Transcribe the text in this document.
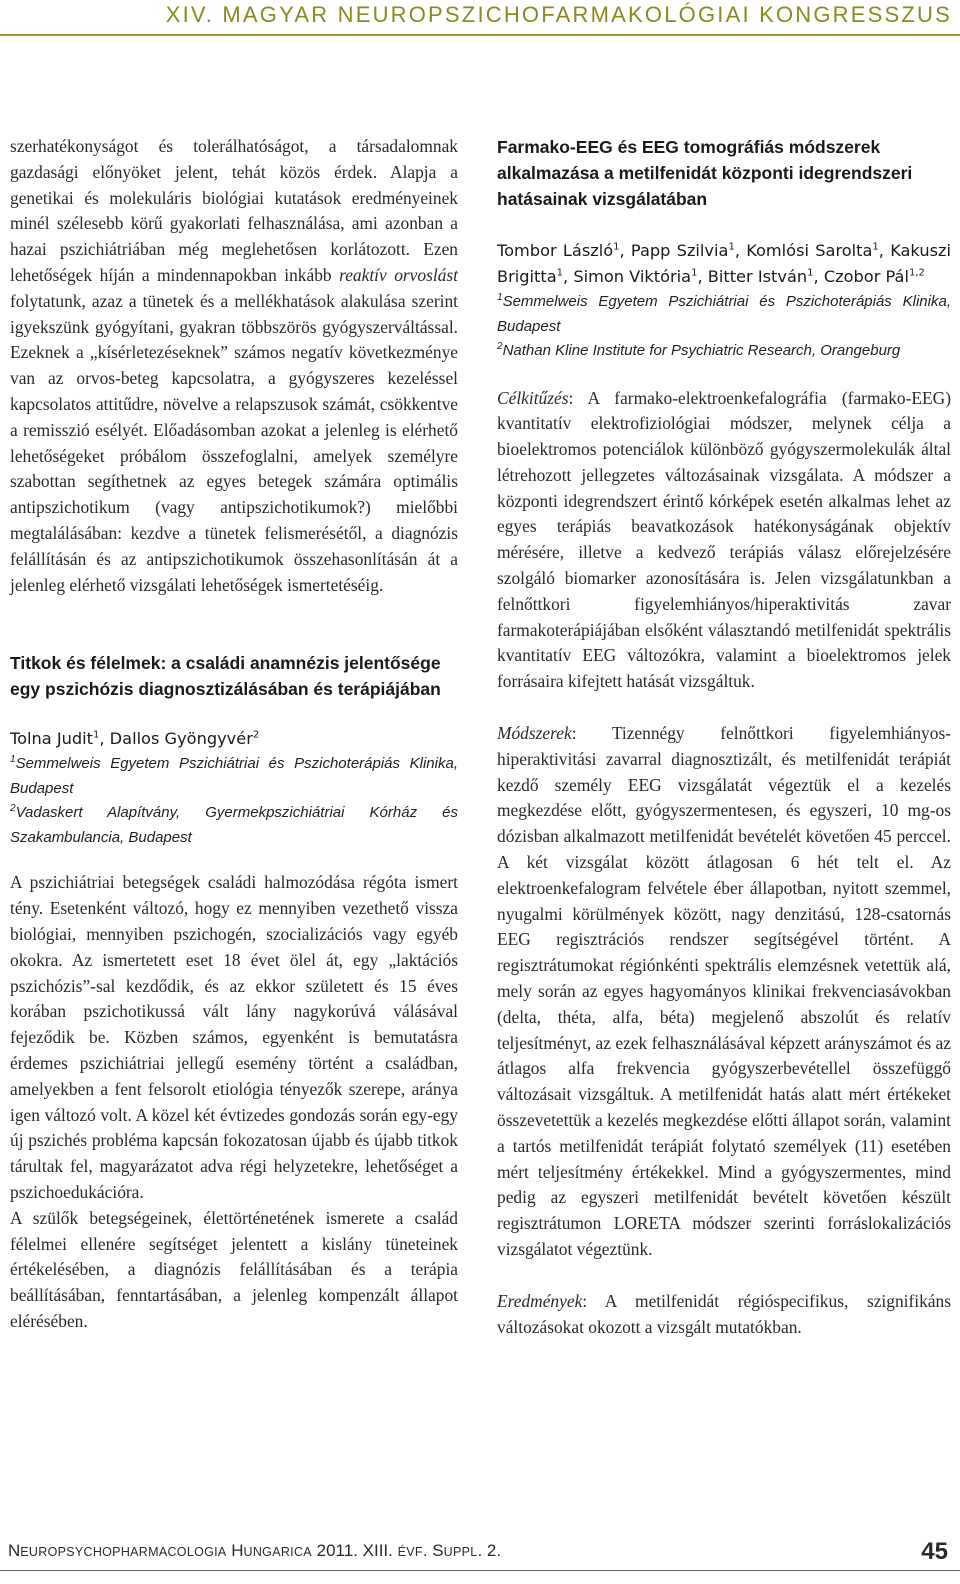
XIV. MAGYAR NEUROPSZICHOFARMAKOLÓGIAI KONGRESSZUS

szerhatékonyságot és tolerálhatóságot, a társadalomnak gazdasági előnyöket jelent, tehát közös érdek. Alapja a genetikai és molekuláris biológiai kutatások eredményeinek minél szélesebb körű gyakorlati felhasználása, ami azonban a hazai pszichiátriában még meglehetősen korlátozott. Ezen lehetőségek híján a mindennapokban inkább reaktív orvoslást folytatunk, azaz a tünetek és a mellékhatások alakulása szerint igyekszünk gyógyítani, gyakran többszörös gyógyszerváltással. Ezeknek a „kísérletezéseknek” számos negatív következménye van az orvos-beteg kapcsolatra, a gyógyszeres kezeléssel kapcsolatos attitűdre, növelve a relapszusok számát, csökkentve a remisszió esélyét. Előadásomban azokat a jelenleg is elérhető lehetőségeket próbálom összefoglalni, amelyek személyre szabottan segíthetnek az egyes betegek számára optimális antipszichotikum (vagy antipszichotikumok?) mielőbbi megtalálásában: kezdve a tünetek felismerésétől, a diagnózis felállításán és az antipszichotikumok összehasonlításán át a jelenleg elérhető vizsgálati lehetőségek ismertetéséig.

Titkok és félelmek: a családi anamnézis jelentősége egy pszichózis diagnosztizálásában és terápiájában

Tolna Judit$^1$, Dallos Gyöngyvér$^2$

$^1$Semmelweis Egyetem Pszichiátriai és Pszichoterápiás Klinika, Budapest

$^2$Vadaskert Alapítvány, Gyermekpszichiátriai Kórház és Szakambulancia, Budapest

A pszichiátriai betegségek családi halmozódása régóta ismert tény. Esetenként változó, hogy ez mennyiben vezethető vissza biológiai, mennyiben pszichogén, szocializációs vagy egyéb okokra. Az ismertetett eset 18 évet ölel át, egy „laktációs pszichózis”-sal kezdődik, és az ekkor született és 15 éves korában pszichotikussá vált lány nagykorúvá válásával fejeződik be. Közben számos, egyenként is bemutatásra érdemes pszichiátriai jellegű esemény történt a családban, amelyekben a fent felsorolt etiológia tényezők szerepe, aránya igen változó volt. A közel két évtizedes gondozás során egy-egy új pszichés probléma kapcsán fokozatosan újabb és újabb titkok tárultak fel, magyarázatot adva régi helyzetekre, lehetőséget a pszichoedukációra.

A szülők betegségeinek, élettörténetének ismerete a család félelmei ellenére segítséget jelentett a kislány tüneteinek értékelésében, a diagnózis felállításában és a terápia beállításában, fenntartásában, a jelenleg kompenzált állapot elérésében.

Farmako-EEG és EEG tomográfiás módszerek alkalmazása a metilfenidát központi idegrendszeri hatásainak vizsgálatában

Tombor László$^1$, Papp Szilvia$^1$, Komlósi Sarolta$^1$, Kakuszi Brigitta$^1$, Simon Viktória$^1$, Bitter István$^1$, Czobor Pál$^{1,2}$

$^1$Semmelweis Egyetem Pszichiátriai és Pszichoterápiás Klinika, Budapest

$^2$Nathan Kline Institute for Psychiatric Research, Orangeburg

Célkitűzés: A farmako-elektroenkefalográfia (farmako-EEG) kvantitatív elektrofiziológiai módszer, melynek célja a bioelektromos potenciálok különböző gyógyszermolekulák által létrehozott jellegzetes változásainak vizsgálata. A módszer a központi idegrendszert érintő kórképek esetén alkalmas lehet az egyes terápiás beavatkozások hatékonyságának objektív mérésére, illetve a kedvező terápiás válasz előrejelzésére szolgáló biomarker azonosítására is. Jelen vizsgálatunkban a felnőttkori figyelemhiányos/hiperaktivitás zavar farmakoterápiájában elsőként választandó metilfenidát spektrális kvantitatív EEG változókra, valamint a bioelektromos jelek forrásaira kifejtett hatását vizsgáltuk.

Módszerek: Tizennégy felnőttkori figyelemhiányos-hiperaktivitási zavarral diagnosztizált, és metilfenidát terápiát kezdő személy EEG vizsgálatát végeztük el a kezelés megkezdése előtt, gyógyszermentesen, és egyszeri, 10 mg-os dózisban alkalmazott metilfenidát bevételét követően 45 perccel. A két vizsgálat között átlagosan 6 hét telt el. Az elektroenkefalogram felvétele éber állapotban, nyitott szemmel, nyugalmi körülmények között, nagy denzitású, 128-csatornás EEG regisztrációs rendszer segítségével történt. A regisztrátumokat régiónkénti spektrális elemzésnek vetettük alá, mely során az egyes hagyományos klinikai frekvenciasávokban (delta, théta, alfa, béta) megjelenő abszolút és relatív teljesítményt, az ezek felhasználásával képzett arányszámot és az átlagos alfa frekvencia gyógyszerbevétellel összefüggő változásait vizsgáltuk. A metilfenidát hatás alatt mért értékeket összevetettük a kezelés megkezdése előtti állapot során, valamint a tartós metilfenidát terápiát folytató személyek (11) esetében mért teljesítmény értékekkel. Mind a gyógyszermentes, mind pedig az egyszeri metilfenidát bevételt követően készült regisztrátumon LORETA módszer szerinti forráslokalizációs vizsgálatot végeztünk.

Eredmények: A metilfenidát régióspecifikus, szignifikáns változásokat okozott a vizsgált mutatókban.

NEUROPSYCHOPHARMACOLOGIA HUNGARICA 2011. XIII. ÉVF. SUPPL. 2.	45
